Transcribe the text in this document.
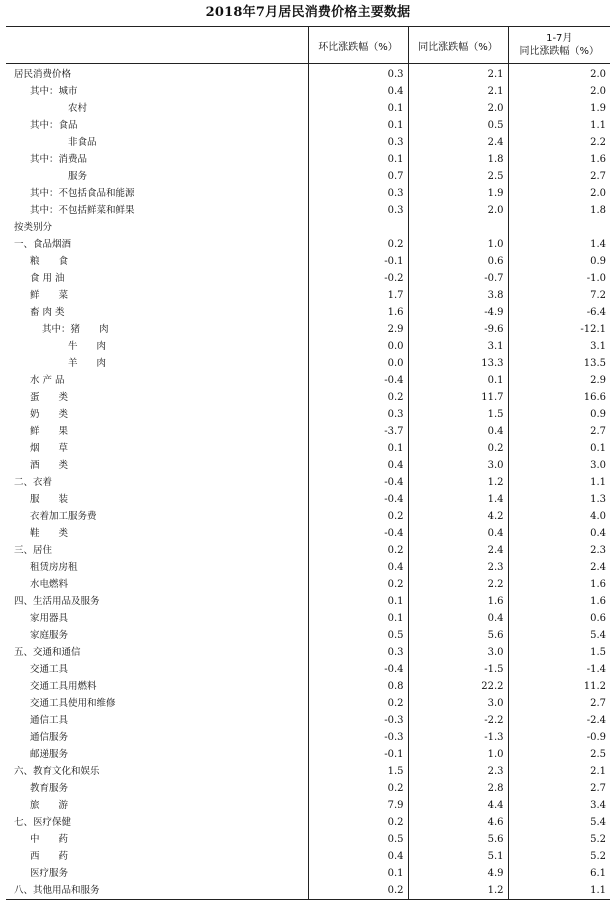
2018年7月居民消费价格主要数据
	环比涨跌幅（%）	同比涨跌幅（%）	1-7月
同比涨跌幅（%）

居民消费价格	0.3	2.1	2.0
其中：城市	0.4	2.1	2.0
农村	0.1	2.0	1.9
其中：食品	0.1	0.5	1.1
非食品	0.3	2.4	2.2
其中：消费品	0.1	1.8	1.6
服务	0.7	2.5	2.7
其中：不包括食品和能源	0.3	1.9	2.0
其中：不包括鲜菜和鲜果	0.3	2.0	1.8
按类别分			
一、食品烟酒	0.2	1.0	1.4
粮　　食	-0.1	0.6	0.9
食 用 油	-0.2	-0.7	-1.0
鲜　　菜	1.7	3.8	7.2
畜 肉 类	1.6	-4.9	-6.4
其中：猪　　肉	2.9	-9.6	-12.1
牛　　肉	0.0	3.1	3.1
羊　　肉	0.0	13.3	13.5
水 产 品	-0.4	0.1	2.9
蛋　　类	0.2	11.7	16.6
奶　　类	0.3	1.5	0.9
鲜　　果	-3.7	0.4	2.7
烟　　草	0.1	0.2	0.1
酒　　类	0.4	3.0	3.0
二、衣着	-0.4	1.2	1.1
服　　装	-0.4	1.4	1.3
衣着加工服务费	0.2	4.2	4.0
鞋　　类	-0.4	0.4	0.4
三、居住	0.2	2.4	2.3
租赁房房租	0.4	2.3	2.4
水电燃料	0.2	2.2	1.6
四、生活用品及服务	0.1	1.6	1.6
家用器具	0.1	0.4	0.6
家庭服务	0.5	5.6	5.4
五、交通和通信	0.3	3.0	1.5
交通工具	-0.4	-1.5	-1.4
交通工具用燃料	0.8	22.2	11.2
交通工具使用和维修	0.2	3.0	2.7
通信工具	-0.3	-2.2	-2.4
通信服务	-0.3	-1.3	-0.9
邮递服务	-0.1	1.0	2.5
六、教育文化和娱乐	1.5	2.3	2.1
教育服务	0.2	2.8	2.7
旅　　游	7.9	4.4	3.4
七、医疗保健	0.2	4.6	5.4
中　　药	0.5	5.6	5.2
西　　药	0.4	5.1	5.2
医疗服务	0.1	4.9	6.1
八、其他用品和服务	0.2	1.2	1.1
